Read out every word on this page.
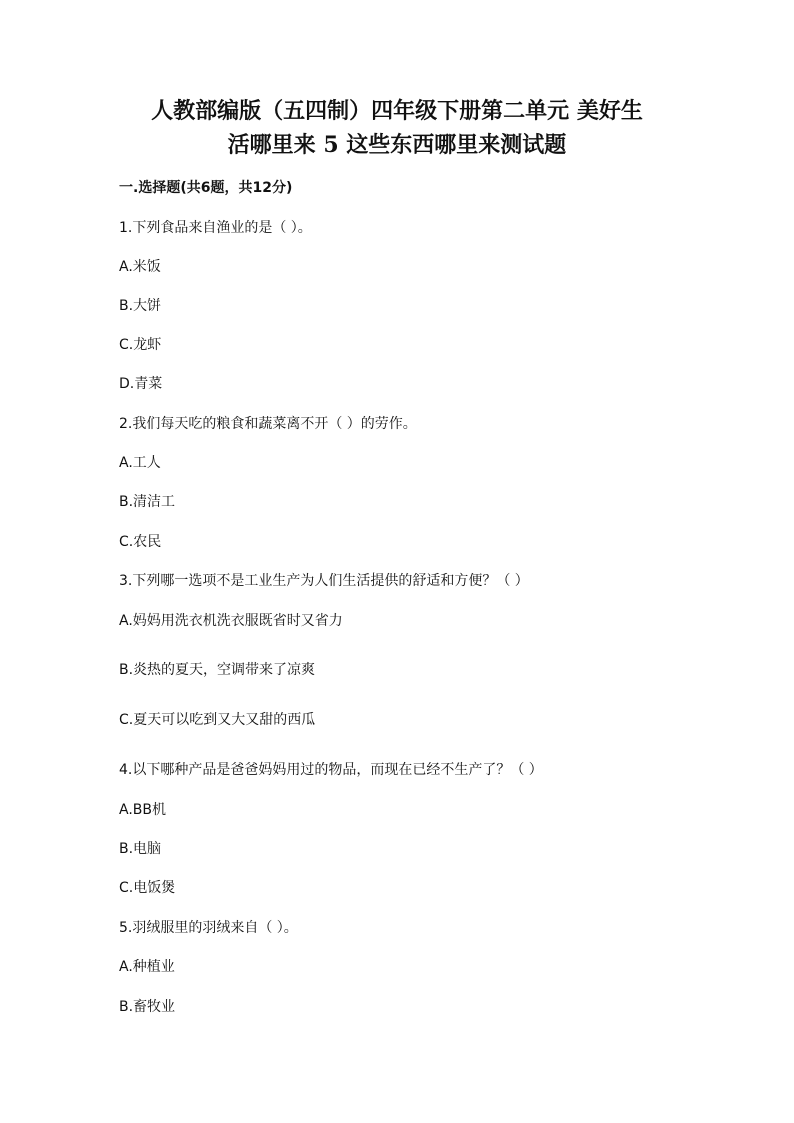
人教部编版（五四制）四年级下册第二单元 美好生
活哪里来 5 这些东西哪里来测试题
一.选择题(共6题，共12分)
1.下列食品来自渔业的是（ ）。
A.米饭
B.大饼
C.龙虾
D.青菜
2.我们每天吃的粮食和蔬菜离不开（ ）的劳作。
A.工人
B.清洁工
C.农民
3.下列哪一选项不是工业生产为人们生活提供的舒适和方便？（ ）
A.妈妈用洗衣机洗衣服既省时又省力
B.炎热的夏天，空调带来了凉爽
C.夏天可以吃到又大又甜的西瓜
4.以下哪种产品是爸爸妈妈用过的物品，而现在已经不生产了？（ ）
A.BB机
B.电脑
C.电饭煲
5.羽绒服里的羽绒来自（ ）。
A.种植业
B.畜牧业
